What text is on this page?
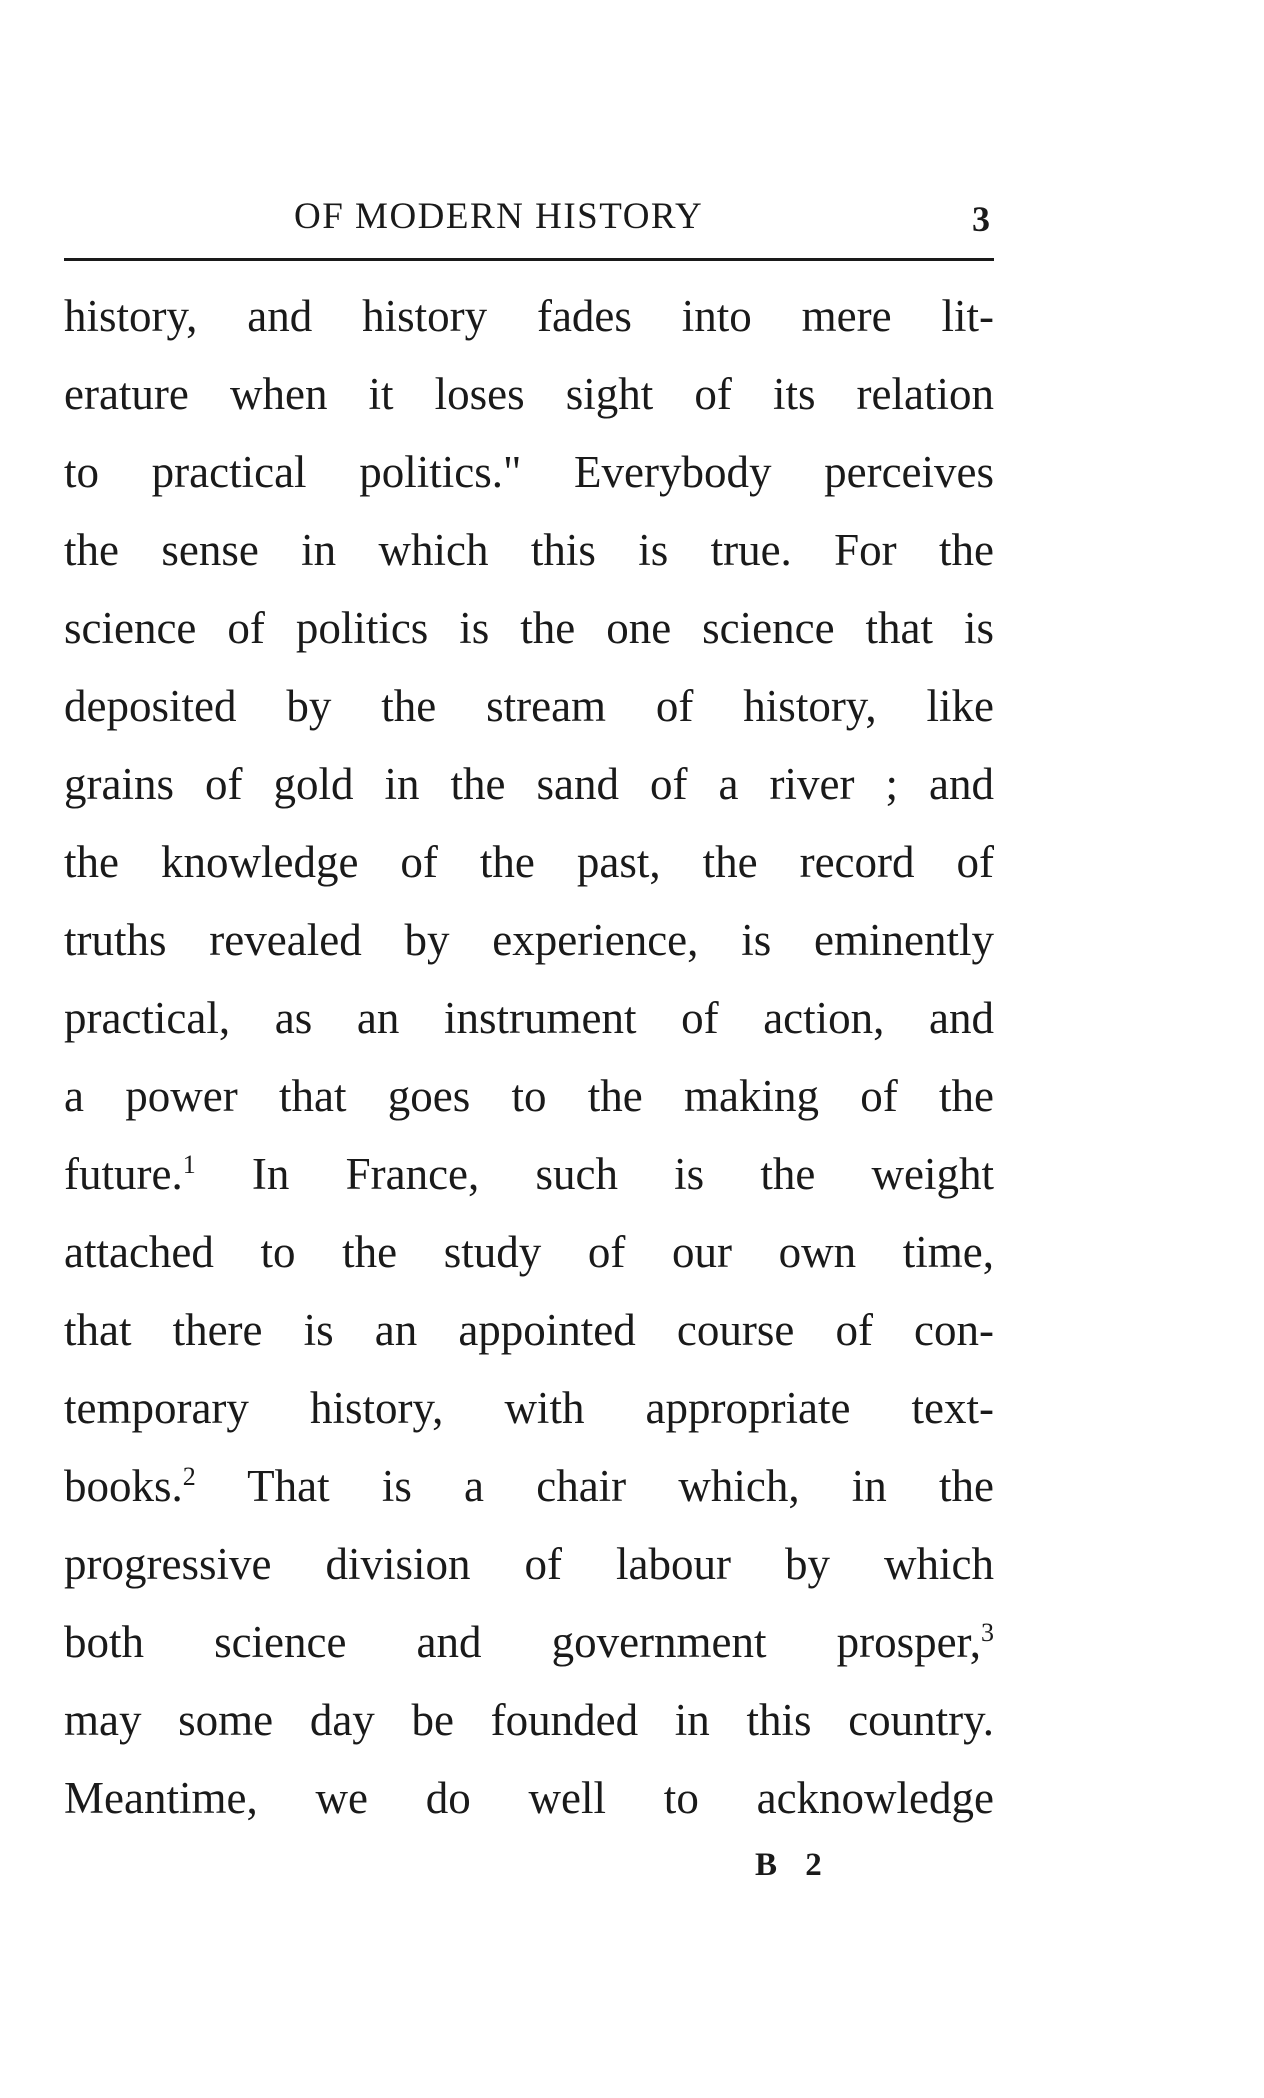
OF MODERN HISTORY	3
history, and history fades into mere lit-
erature when it loses sight of its relation
to practical politics." Everybody perceives
the sense in which this is true. For the
science of politics is the one science that is
deposited by the stream of history, like
grains of gold in the sand of a river ; and
the knowledge of the past, the record of
truths revealed by experience, is eminently
practical, as an instrument of action, and
a power that goes to the making of the
future.$^1$ In France, such is the weight
attached to the study of our own time,
that there is an appointed course of con-
temporary history, with appropriate text-
books.$^2$ That is a chair which, in the
progressive division of labour by which
both science and government prosper,$^3$
may some day be founded in this country.
Meantime, we do well to acknowledge
B 2
